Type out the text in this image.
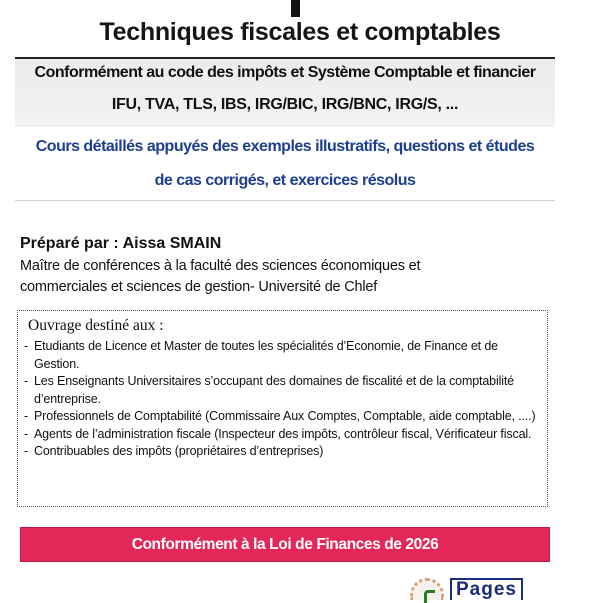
Techniques fiscales et comptables
Conformément au code des impôts et Système Comptable et financier
IFU, TVA, TLS, IBS, IRG/BIC, IRG/BNC, IRG/S, ...
Cours détaillés appuyés des exemples illustratifs, questions et études
de cas corrigés, et exercices résolus
Préparé par : Aissa SMAIN
Maître de conférences à la faculté des sciences économiques et
commerciales et sciences de gestion- Université de Chlef
Ouvrage destiné aux :
- Etudiants de Licence et Master de toutes les spécialités d’Economie, de Finance et de Gestion.
- Les Enseignants Universitaires s’occupant des domaines de fiscalité et de la comptabilité d’entreprise.
- Professionnels de Comptabilité (Commissaire Aux Comptes, Comptable, aide comptable, ....)
- Agents de l’administration fiscale (Inspecteur des impôts, contrôleur fiscal, Vérificateur fiscal.
- Contribuables des impôts (propriétaires d’entreprises)
Conformément à la Loi de Finances de 2026
Pages
